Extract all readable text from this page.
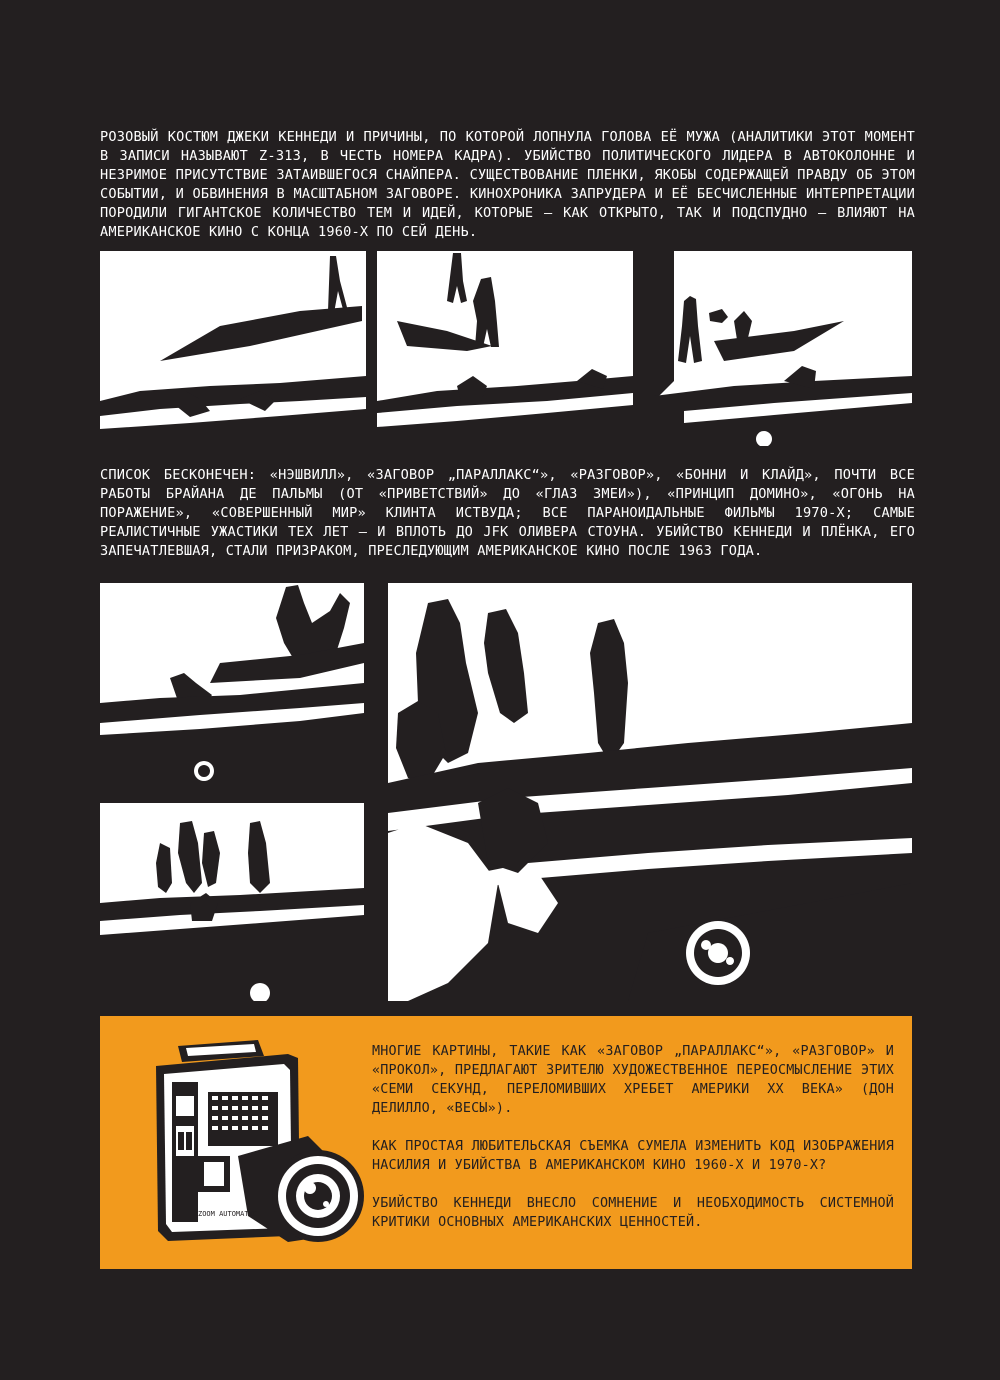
РОЗОВЫЙ КОСТЮМ ДЖЕКИ КЕННЕДИ И ПРИЧИНЫ, ПО КОТОРОЙ ЛОПНУЛА ГОЛОВА ЕЁ МУЖА (АНАЛИТИКИ ЭТОТ МОМЕНТ В ЗАПИСИ НАЗЫВАЮТ Z-313, В ЧЕСТЬ НОМЕРА КАДРА). УБИЙСТВО ПОЛИТИЧЕСКОГО ЛИДЕРА В АВТОКОЛОННЕ И НЕЗРИМОЕ ПРИСУТСТВИЕ ЗАТАИВШЕГОСЯ СНАЙПЕРА. СУЩЕСТВОВАНИЕ ПЛЕНКИ, ЯКОБЫ СОДЕРЖАЩЕЙ ПРАВДУ ОБ ЭТОМ СОБЫТИИ, И ОБВИНЕНИЯ В МАСШТАБНОМ ЗАГОВОРЕ. КИНОХРОНИКА ЗАПРУДЕРА И ЕЁ БЕСЧИСЛЕННЫЕ ИНТЕРПРЕТАЦИИ ПОРОДИЛИ ГИГАНТСКОЕ КОЛИЧЕСТВО ТЕМ И ИДЕЙ, КОТОРЫЕ — КАК ОТКРЫТО, ТАК И ПОДСПУДНО — ВЛИЯЮТ НА АМЕРИКАНСКОЕ КИНО С КОНЦА 1960-Х ПО СЕЙ ДЕНЬ.

СПИСОК БЕСКОНЕЧЕН: «НЭШВИЛЛ», «ЗАГОВОР „ПАРАЛЛАКС“», «РАЗГОВОР», «БОННИ И КЛАЙД», ПОЧТИ ВСЕ РАБОТЫ БРАЙАНА ДЕ ПАЛЬМЫ (ОТ «ПРИВЕТСТВИЙ» ДО «ГЛАЗ ЗМЕИ»), «ПРИНЦИП ДОМИНО», «ОГОНЬ НА ПОРАЖЕНИЕ», «СОВЕРШЕННЫЙ МИР» КЛИНТА ИСТВУДА; ВСЕ ПАРАНОИДАЛЬНЫЕ ФИЛЬМЫ 1970-Х; САМЫЕ РЕАЛИСТИЧНЫЕ УЖАСТИКИ ТЕХ ЛЕТ — И ВПЛОТЬ ДО JFK ОЛИВЕРА СТОУНА. УБИЙСТВО КЕННЕДИ И ПЛЁНКА, ЕГО ЗАПЕЧАТЛЕВШАЯ, СТАЛИ ПРИЗРАКОМ, ПРЕСЛЕДУЮЩИМ АМЕРИКАНСКОЕ КИНО ПОСЛЕ 1963 ГОДА.

ZOOM AUTOMATIC

МНОГИЕ КАРТИНЫ, ТАКИЕ КАК «ЗАГОВОР „ПАРАЛЛАКС“», «РАЗГОВОР» И «ПРОКОЛ», ПРЕДЛАГАЮТ ЗРИТЕЛЮ ХУДОЖЕСТВЕННОЕ ПЕРЕОСМЫСЛЕНИЕ ЭТИХ «СЕМИ СЕКУНД, ПЕРЕЛОМИВШИХ ХРЕБЕТ АМЕРИКИ XX ВЕКА» (ДОН ДЕЛИЛЛО, «ВЕСЫ»).

КАК ПРОСТАЯ ЛЮБИТЕЛЬСКАЯ СЪЕМКА СУМЕЛА ИЗМЕНИТЬ КОД ИЗОБРАЖЕНИЯ НАСИЛИЯ И УБИЙСТВА В АМЕРИКАНСКОМ КИНО 1960-Х И 1970-Х?

УБИЙСТВО КЕННЕДИ ВНЕСЛО СОМНЕНИЕ И НЕОБХОДИМОСТЬ СИСТЕМНОЙ КРИТИКИ ОСНОВНЫХ АМЕРИКАНСКИХ ЦЕННОСТЕЙ.
